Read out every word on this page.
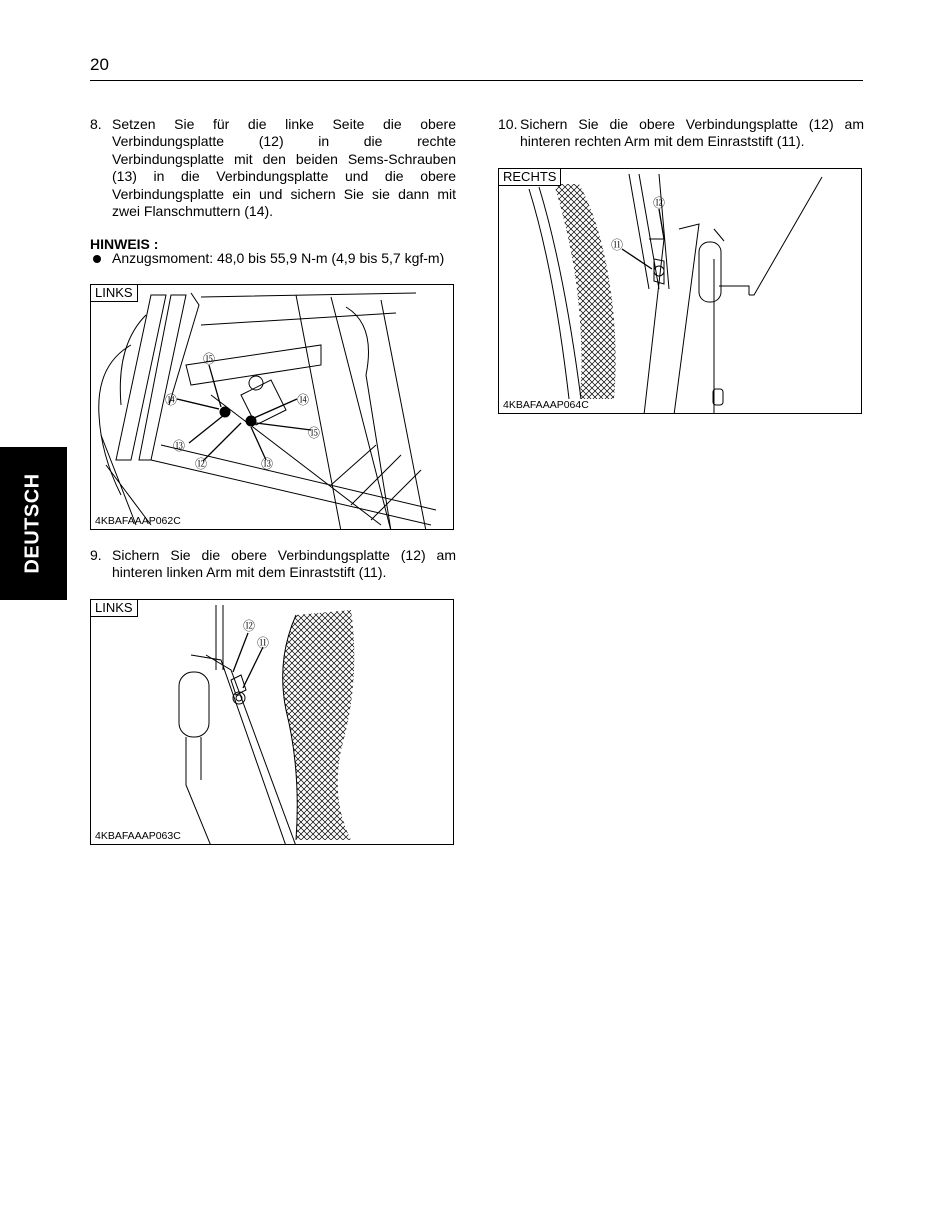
20
DEUTSCH
8. Setzen Sie für die linke Seite die obere
Verbindungsplatte (12) in die rechte
Verbindungsplatte mit den beiden Sems-Schrauben
(13) in die Verbindungsplatte und die obere
Verbindungsplatte ein und sichern Sie sie dann mit
zwei Flanschmuttern (14).
HINWEIS :
Anzugsmoment: 48,0 bis 55,9 N-m (4,9 bis 5,7 kgf-m)
⑮
⑭	⑭
⑮
⑬
⑫	⑬
LINKS
4KBAFAAAP062C
9. Sichern Sie die obere Verbindungsplatte (12) am
hinteren linken Arm mit dem Einraststift (11).
⑫
⑪
LINKS
4KBAFAAAP063C
10. Sichern Sie die obere Verbindungsplatte (12) am
hinteren rechten Arm mit dem Einraststift (11).
⑫
⑪
RECHTS
4KBAFAAAP064C
